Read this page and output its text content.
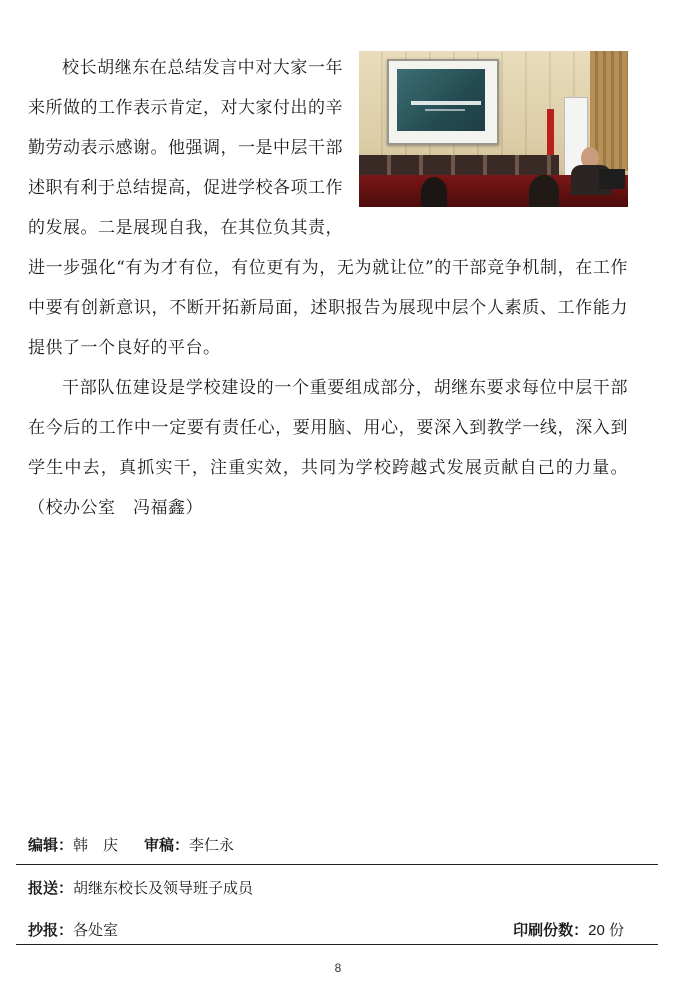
校长胡继东在总结发言中对大家一年来所做的工作表示肯定，对大家付出的辛勤劳动表示感谢。他强调，一是中层干部述职有利于总结提高，促进学校各项工作的发展。二是展现自我，在其位负其责，进一步强化“有为才有位，有位更有为，无为就让位”的干部竞争机制，在工作中要有创新意识，不断开拓新局面，述职报告为展现中层个人素质、工作能力提供了一个良好的平台。

干部队伍建设是学校建设的一个重要组成部分，胡继东要求每位中层干部在今后的工作中一定要有责任心，要用脑、用心，要深入到教学一线，深入到学生中去，真抓实干，注重实效，共同为学校跨越式发展贡献自己的力量。（校办公室　冯福鑫）

编辑：韩　庆 审稿：李仁永
报送：胡继东校长及领导班子成员
抄报：各处室	印刷份数：20 份
8
